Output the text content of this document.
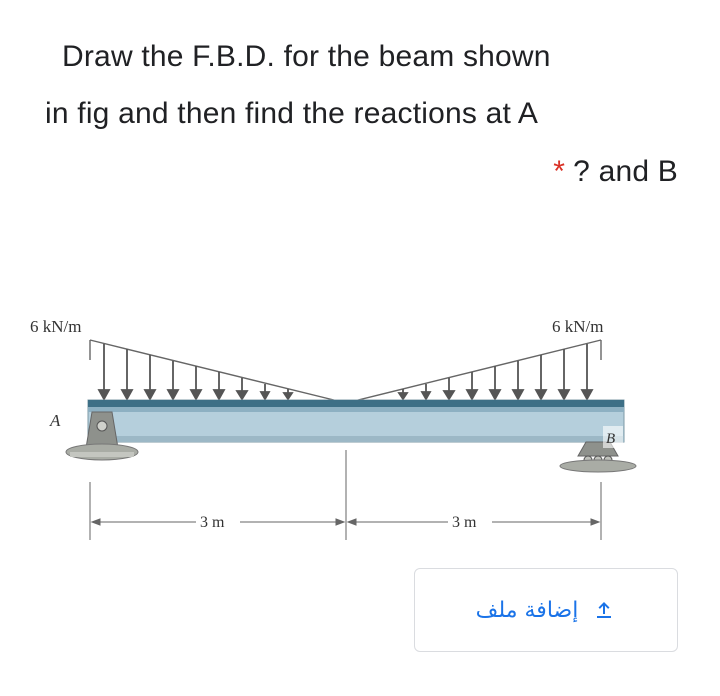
Draw the F.B.D. for the beam shown
in fig and then find the reactions at A
* ? and B
6 kN/m	6 kN/m
A
B
3 m	3 m
إضافة ملف
